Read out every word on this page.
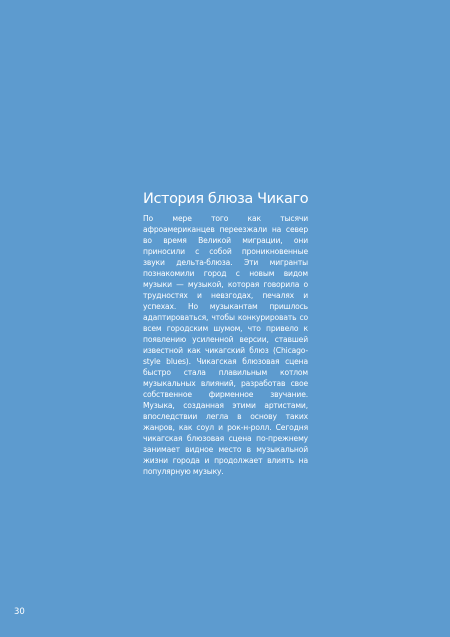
История блюза Чикаго

По мере того как тысячи афроамериканцев переезжали на север во время Великой миграции, они приносили с собой проникновенные звуки дельта-блюза. Эти мигранты познакомили город с новым видом музыки — музыкой, которая говорила о трудностях и невзгодах, печалях и успехах. Но музыкантам пришлось адаптироваться, чтобы конкурировать со всем городским шумом, что привело к появлению усиленной версии, ставшей известной как чикагский блюз (Chicago-style blues). Чикагская блюзовая сцена быстро стала плавильным котлом музыкальных влияний, разработав свое собственное фирменное звучание. Музыка, созданная этими артистами, впоследствии легла в основу таких жанров, как соул и рок-н-ролл. Сегодня чикагская блюзовая сцена по-прежнему занимает видное место в музыкальной жизни города и продолжает влиять на популярную музыку.

30
